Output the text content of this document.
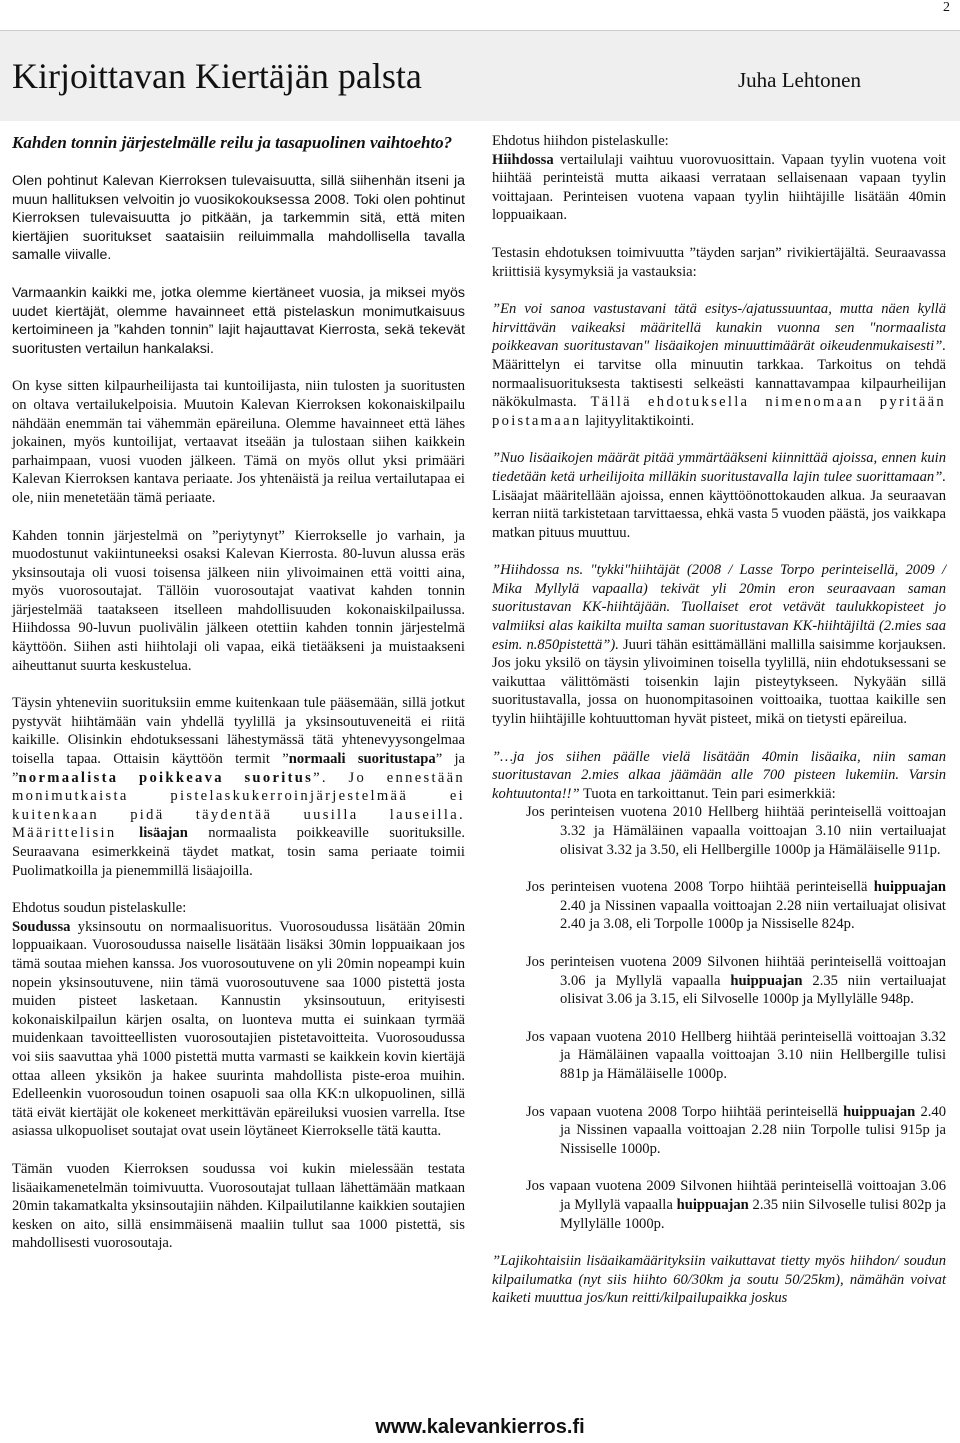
2
Kirjoittavan Kiertäjän palsta	Juha Lehtonen
Kahden tonnin järjestelmälle reilu ja tasapuolinen vaihtoehto?

Olen pohtinut Kalevan Kierroksen tulevaisuutta, sillä siihenhän itseni ja muun hallituksen velvoitin jo vuosikokouksessa 2008. Toki olen pohtinut Kierroksen tulevaisuutta jo pitkään, ja tarkemmin sitä, että miten kiertäjien suoritukset saataisiin reiluimmalla mahdollisella tavalla samalle viivalle.

Varmaankin kaikki me, jotka olemme kiertäneet vuosia, ja miksei myös uudet kiertäjät, olemme havainneet että pistelaskun monimutkaisuus kertoimineen ja ”kahden tonnin” lajit hajauttavat Kierrosta, sekä tekevät suoritusten vertailun hankalaksi.

On kyse sitten kilpaurheilijasta tai kuntoilijasta, niin tulosten ja suoritusten on oltava vertailukelpoisia. Muutoin Kalevan Kierroksen kokonaiskilpailu nähdään enemmän tai vähemmän epäreiluna. Olemme havainneet että lähes jokainen, myös kuntoilijat, vertaavat itseään ja tulostaan siihen kaikkein parhaimpaan, vuosi vuoden jälkeen. Tämä on myös ollut yksi primääri Kalevan Kierroksen kantava periaate. Jos yhtenäistä ja reilua vertailutapaa ei ole, niin menetetään tämä periaate.

Kahden tonnin järjestelmä on ”periytynyt” Kierrokselle jo varhain, ja muodostunut vakiintuneeksi osaksi Kalevan Kierrosta. 80-luvun alussa eräs yksinsoutaja oli vuosi toisensa jälkeen niin ylivoimainen että voitti aina, myös vuorosoutajat. Tällöin vuorosoutajat vaativat kahden tonnin järjestelmää taatakseen itselleen mahdollisuuden kokonaiskilpailussa. Hiihdossa 90-luvun puolivälin jälkeen otettiin kahden tonnin järjestelmä käyttöön. Siihen asti hiihtolaji oli vapaa, eikä tietääkseni ja muistaakseni aiheuttanut suurta keskustelua.

Täysin yhteneviin suorituksiin emme kuitenkaan tule pääsemään, sillä jotkut pystyvät hiihtämään vain yhdellä tyylillä ja yksinsoutuveneitä ei riitä kaikille. Olisinkin ehdotuksessani lähestymässä tätä yhtenevyysongelmaa toisella tapaa. Ottaisin käyttöön termit ”normaali suoritustapa” ja ”normaalista poikkeava suoritus”. Jo ennestään monimutkaista pistelaskukerroinjärjestelmää ei kuitenkaan pidä täydentää uusilla lauseilla. Määrittelisin lisäajan normaalista poikkeaville suorituksille. Seuraavana esimerkkeinä täydet matkat, tosin sama periaate toimii Puolimatkoilla ja pienemmillä lisäajoilla.

Ehdotus soudun pistelaskulle:
Soudussa yksinsoutu on normaalisuoritus. Vuorosoudussa lisätään 20min loppuaikaan. Vuorosoudussa naiselle lisätään lisäksi 30min loppuaikaan jos tämä soutaa miehen kanssa. Jos vuorosoutuvene on yli 20min nopeampi kuin nopein yksinsoutuvene, niin tämä vuorosoutuvene saa 1000 pistettä josta muiden pisteet lasketaan. Kannustin yksinsoutuun, erityisesti kokonaiskilpailun kärjen osalta, on luonteva mutta ei suinkaan tyrmää muidenkaan tavoitteellisten vuorosoutajien pistetavoitteita. Vuorosoudussa voi siis saavuttaa yhä 1000 pistettä mutta varmasti se kaikkein kovin kiertäjä ottaa alleen yksikön ja hakee suurinta mahdollista piste-eroa muihin. Edelleenkin vuorosoudun toinen osapuoli saa olla KK:n ulkopuolinen, sillä tätä eivät kiertäjät ole kokeneet merkittävän epäreiluksi vuosien varrella. Itse asiassa ulkopuoliset soutajat ovat usein löytäneet Kierrokselle tätä kautta.

Tämän vuoden Kierroksen soudussa voi kukin mielessään testata lisäaikamenetelmän toimivuutta. Vuorosoutajat tullaan lähettämään matkaan 20min takamatkalta yksinsoutajiin nähden. Kilpailutilanne kaikkien soutajien kesken on aito, sillä ensimmäisenä maaliin tullut saa 1000 pistettä, sis mahdollisesti vuorosoutaja.

Ehdotus hiihdon pistelaskulle:
Hiihdossa vertailulaji vaihtuu vuorovuosittain. Vapaan tyylin vuotena voit hiihtää perinteistä mutta aikaasi verrataan sellaisenaan vapaan tyylin voittajaan. Perinteisen vuotena vapaan tyylin hiihtäjille lisätään 40min loppuaikaan.

Testasin ehdotuksen toimivuutta ”täyden sarjan” rivikiertäjältä. Seuraavassa kriittisiä kysymyksiä ja vastauksia:

”En voi sanoa vastustavani tätä esitys-/ajatussuuntaa, mutta näen kyllä hirvittävän vaikeaksi määritellä kunakin vuonna sen "normaalista poikkeavan suoritustavan" lisäaikojen minuuttimäärät oikeudenmukaisesti”. Määrittelyn ei tarvitse olla minuutin tarkkaa. Tarkoitus on tehdä normaalisuorituksesta taktisesti selkeästi kannattavampaa kilpaurheilijan näkökulmasta. Tällä ehdotuksella nimenomaan pyritään poistamaan lajityylitaktikointi.

”Nuo lisäaikojen määrät pitää ymmärtääkseni kiinnittää ajoissa, ennen kuin tiedetään ketä urheilijoita milläkin suoritustavalla lajin tulee suorittamaan”. Lisäajat määritellään ajoissa, ennen käyttöönottokauden alkua. Ja seuraavan kerran niitä tarkistetaan tarvittaessa, ehkä vasta 5 vuoden päästä, jos vaikkapa matkan pituus muuttuu.

”Hiihdossa ns. "tykki"hiihtäjät (2008 / Lasse Torpo perinteisellä, 2009 / Mika Myllylä vapaalla) tekivät yli 20min eron seuraavaan saman suoritustavan KK-hiihtäjään. Tuollaiset erot vetävät taulukkopisteet jo valmiiksi alas kaikilta muilta saman suoritustavan KK-hiihtäjiltä (2.mies saa esim. n.850pistettä”). Juuri tähän esittämälläni mallilla saisimme korjauksen. Jos joku yksilö on täysin ylivoiminen toisella tyylillä, niin ehdotuksessani se vaikuttaa välittömästi toisenkin lajin pisteytykseen. Nykyään sillä suoritustavalla, jossa on huonompitasoinen voittoaika, tuottaa kaikille sen tyylin hiihtäjille kohtuuttoman hyvät pisteet, mikä on tietysti epäreilua.

”…ja jos siihen päälle vielä lisätään 40min lisäaika, niin saman suoritustavan 2.mies alkaa jäämään alle 700 pisteen lukemiin. Varsin kohtuutonta!!” Tuota en tarkoittanut. Tein pari esimerkkiä:

Jos perinteisen vuotena 2010 Hellberg hiihtää perinteisellä voittoajan 3.32 ja Hämäläinen vapaalla voittoajan 3.10 niin vertailuajat olisivat 3.32 ja 3.50, eli Hellbergille 1000p ja Hämäläiselle 911p.

Jos perinteisen vuotena 2008 Torpo hiihtää perinteisellä huippuajan 2.40 ja Nissinen vapaalla voittoajan 2.28 niin vertailuajat olisivat 2.40 ja 3.08, eli Torpolle 1000p ja Nissiselle 824p.

Jos perinteisen vuotena 2009 Silvonen hiihtää perinteisellä voittoajan 3.06 ja Myllylä vapaalla huippuajan 2.35 niin vertailuajat olisivat 3.06 ja 3.15, eli Silvoselle 1000p ja Myllylälle 948p.

Jos vapaan vuotena 2010 Hellberg hiihtää perinteisellä voittoajan 3.32 ja Hämäläinen vapaalla voittoajan 3.10 niin Hellbergille tulisi 881p ja Hämäläiselle 1000p.

Jos vapaan vuotena 2008 Torpo hiihtää perinteisellä huippuajan 2.40 ja Nissinen vapaalla voittoajan 2.28 niin Torpolle tulisi 915p ja Nissiselle 1000p.

Jos vapaan vuotena 2009 Silvonen hiihtää perinteisellä voittoajan 3.06 ja Myllylä vapaalla huippuajan 2.35 niin Silvoselle tulisi 802p ja Myllylälle 1000p.

”Lajikohtaisiin lisäaikamäärityksiin vaikuttavat tietty myös hiihdon/ soudun kilpailumatka (nyt siis hiihto 60/30km ja soutu 50/25km), nämähän voivat kaiketi muuttua jos/kun reitti/kilpailupaikka joskus

www.kalevankierros.fi
